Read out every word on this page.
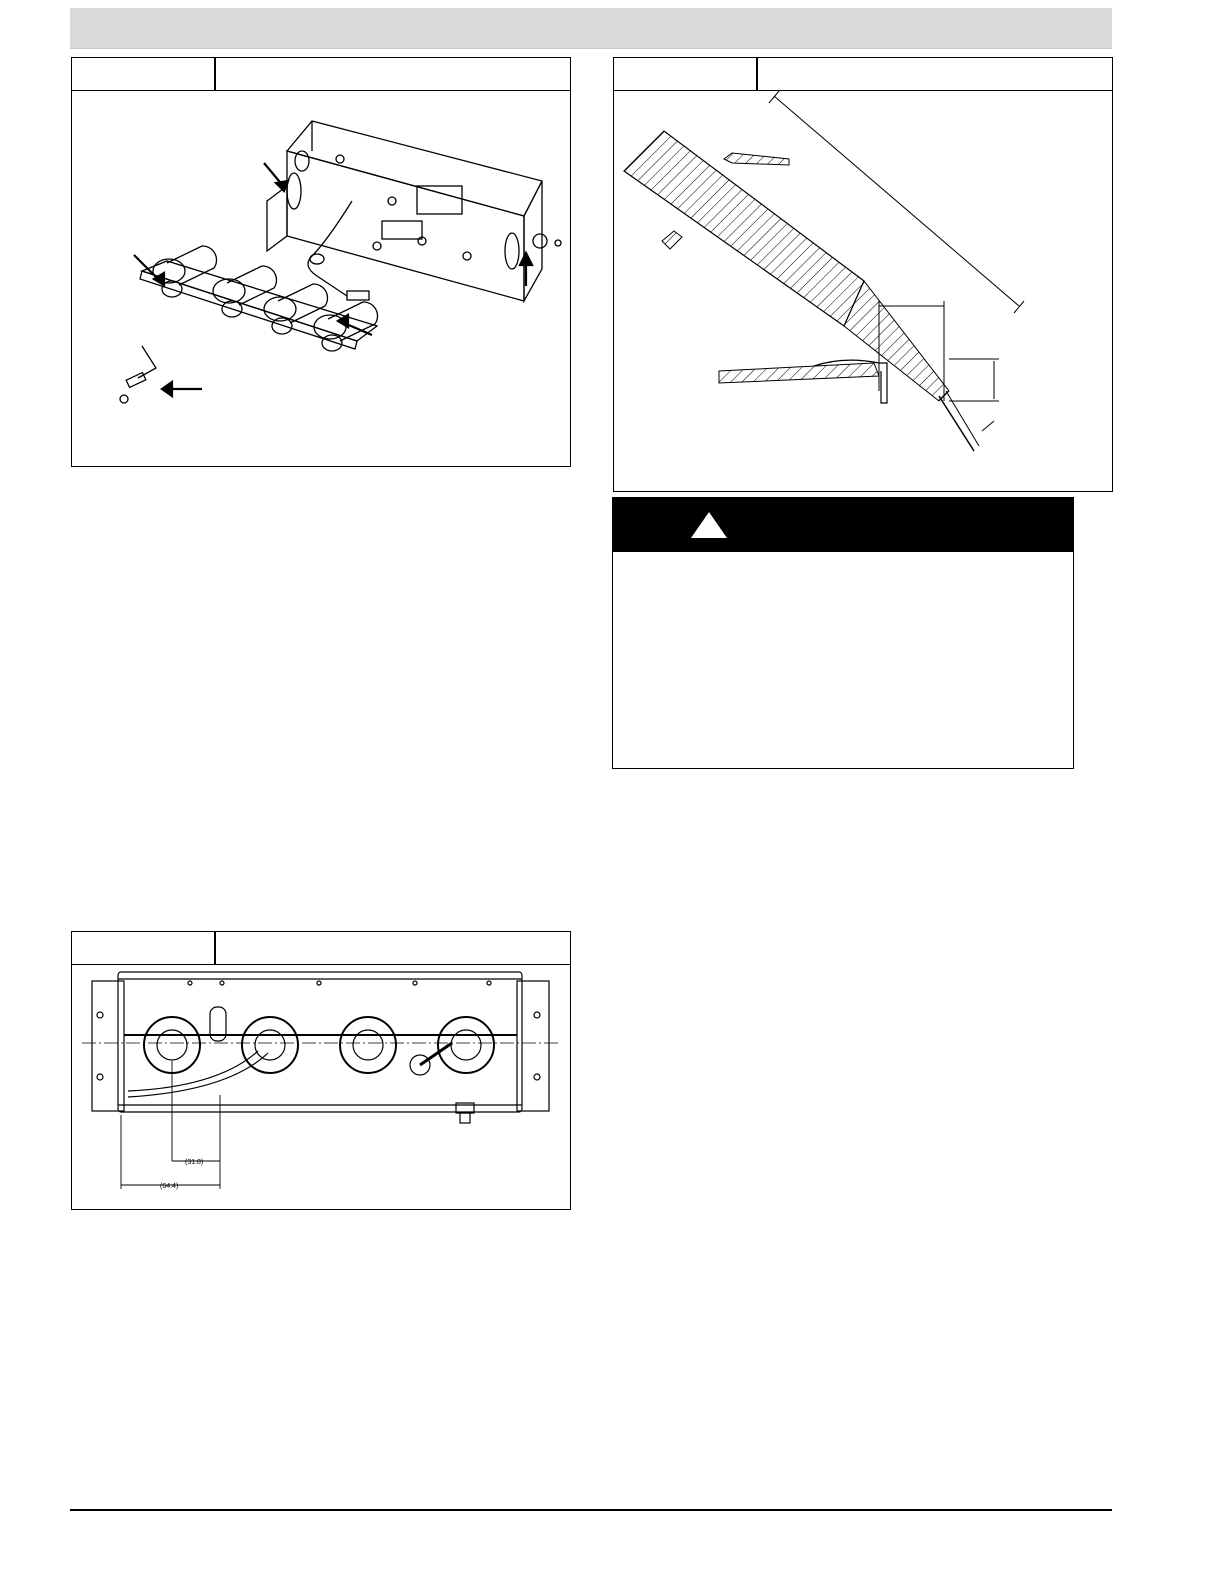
(31.8)
(64.4)
